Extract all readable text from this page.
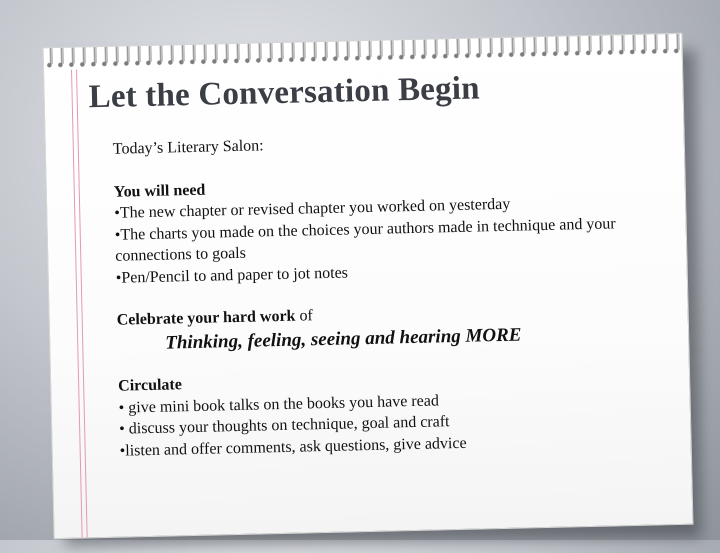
Let the Conversation Begin

Today’s Literary Salon:

You will need

•The new chapter or revised chapter you worked on yesterday

•The charts you made on the choices your authors made in technique and your connections to goals

•Pen/Pencil to and paper to jot notes

Celebrate your hard work of

Thinking, feeling, seeing and hearing MORE

Circulate

• give mini book talks on the books you have read

• discuss your thoughts on technique, goal and craft

•listen and offer comments, ask questions, give advice
